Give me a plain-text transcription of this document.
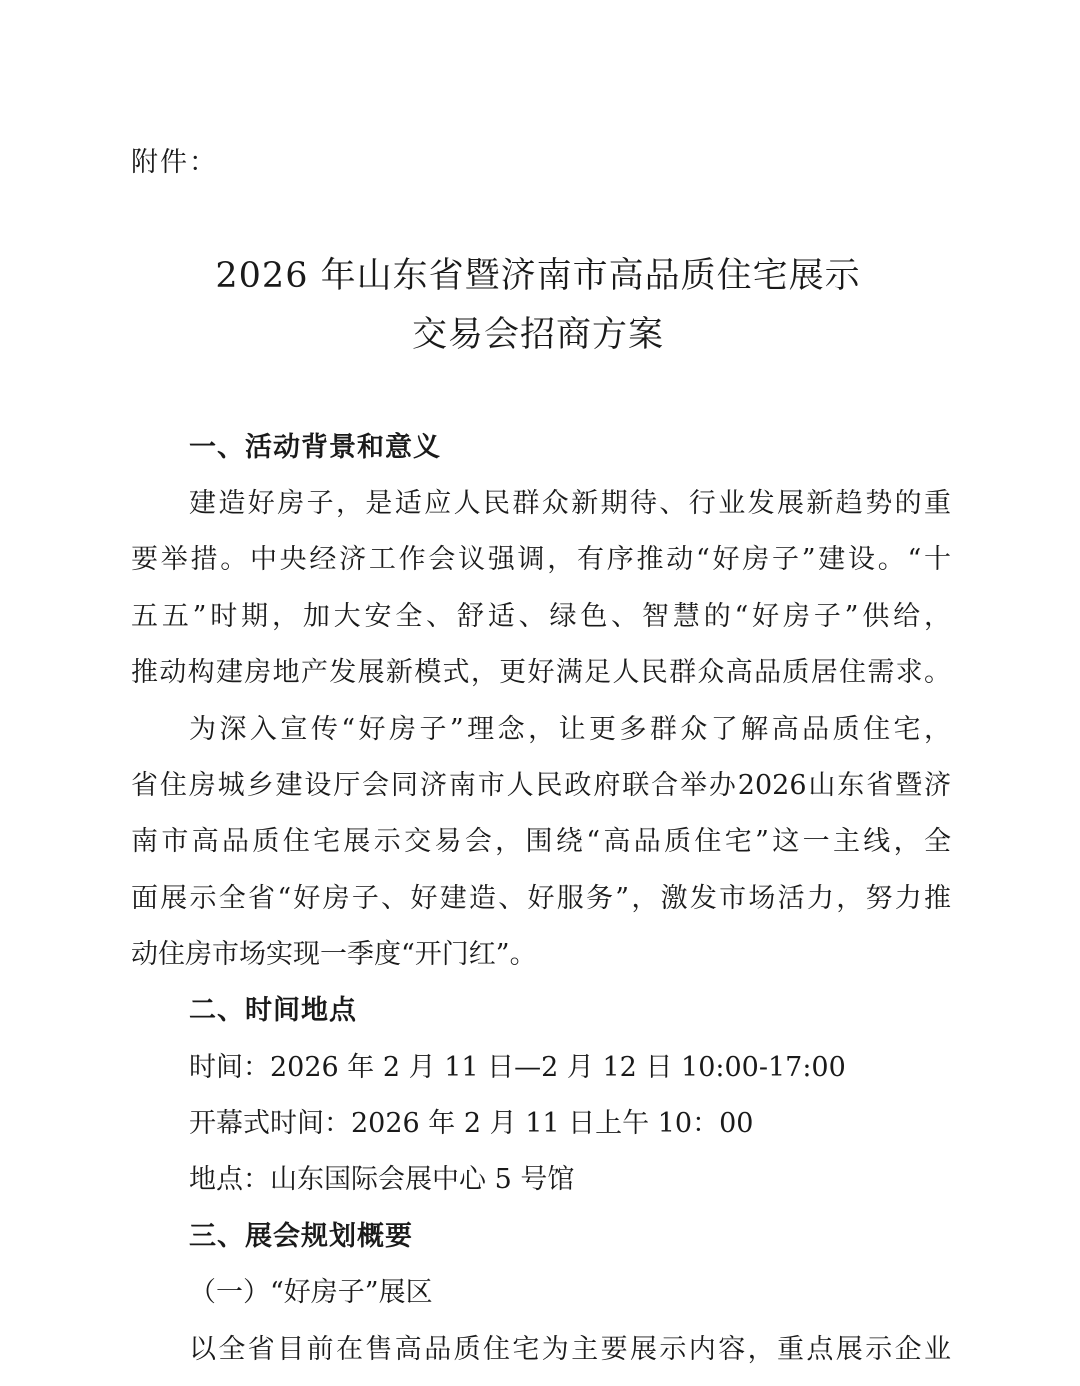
附件：
2026 年山东省暨济南市高品质住宅展示
交易会招商方案
一、活动背景和意义
建造好房子，是适应人民群众新期待、行业发展新趋势的重
要举措。中央经济工作会议强调，有序推动“好房子”建设。“十
五五”时期，加大安全、舒适、绿色、智慧的“好房子”供给，
推动构建房地产发展新模式，更好满足人民群众高品质居住需求。
为深入宣传“好房子”理念，让更多群众了解高品质住宅，
省住房城乡建设厅会同济南市人民政府联合举办2026山东省暨济
南市高品质住宅展示交易会，围绕“高品质住宅”这一主线，全
面展示全省“好房子、好建造、好服务”，激发市场活力，努力推
动住房市场实现一季度“开门红”。
二、时间地点
时间：2026 年 2 月 11 日—2 月 12 日 10:00-17:00
开幕式时间：2026 年 2 月 11 日上午 10：00
地点：山东国际会展中心 5 号馆
三、展会规划概要
（一）“好房子”展区
以全省目前在售高品质住宅为主要展示内容，重点展示企业
